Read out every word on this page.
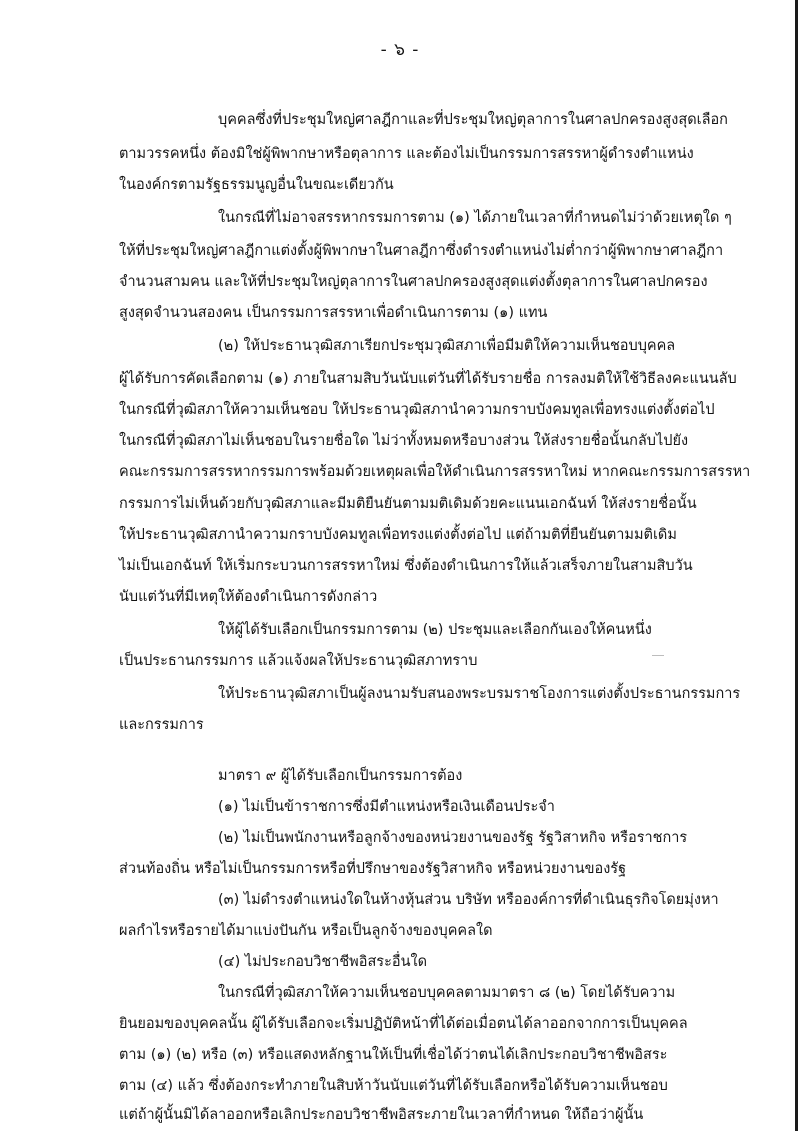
- ๖ -
บุคคลซึ่งที่ประชุมใหญ่ศาลฎีกาและที่ประชุมใหญ่ตุลาการในศาลปกครองสูงสุดเลือก
ตามวรรคหนึ่ง ต้องมิใช่ผู้พิพากษาหรือตุลาการ และต้องไม่เป็นกรรมการสรรหาผู้ดำรงตำแหน่ง
ในองค์กรตามรัฐธรรมนูญอื่นในขณะเดียวกัน
ในกรณีที่ไม่อาจสรรหากรรมการตาม (๑) ได้ภายในเวลาที่กำหนดไม่ว่าด้วยเหตุใด ๆ
ให้ที่ประชุมใหญ่ศาลฎีกาแต่งตั้งผู้พิพากษาในศาลฎีกาซึ่งดำรงตำแหน่งไม่ต่ำกว่าผู้พิพากษาศาลฎีกา
จำนวนสามคน และให้ที่ประชุมใหญ่ตุลาการในศาลปกครองสูงสุดแต่งตั้งตุลาการในศาลปกครอง
สูงสุดจำนวนสองคน เป็นกรรมการสรรหาเพื่อดำเนินการตาม (๑) แทน
(๒) ให้ประธานวุฒิสภาเรียกประชุมวุฒิสภาเพื่อมีมติให้ความเห็นชอบบุคคล
ผู้ได้รับการคัดเลือกตาม (๑) ภายในสามสิบวันนับแต่วันที่ได้รับรายชื่อ การลงมติให้ใช้วิธีลงคะแนนลับ
ในกรณีที่วุฒิสภาให้ความเห็นชอบ ให้ประธานวุฒิสภานำความกราบบังคมทูลเพื่อทรงแต่งตั้งต่อไป
ในกรณีที่วุฒิสภาไม่เห็นชอบในรายชื่อใด ไม่ว่าทั้งหมดหรือบางส่วน ให้ส่งรายชื่อนั้นกลับไปยัง
คณะกรรมการสรรหากรรมการพร้อมด้วยเหตุผลเพื่อให้ดำเนินการสรรหาใหม่ หากคณะกรรมการสรรหา
กรรมการไม่เห็นด้วยกับวุฒิสภาและมีมติยืนยันตามมติเดิมด้วยคะแนนเอกฉันท์ ให้ส่งรายชื่อนั้น
ให้ประธานวุฒิสภานำความกราบบังคมทูลเพื่อทรงแต่งตั้งต่อไป แต่ถ้ามติที่ยืนยันตามมติเดิม
ไม่เป็นเอกฉันท์ ให้เริ่มกระบวนการสรรหาใหม่ ซึ่งต้องดำเนินการให้แล้วเสร็จภายในสามสิบวัน
นับแต่วันที่มีเหตุให้ต้องดำเนินการดังกล่าว
ให้ผู้ได้รับเลือกเป็นกรรมการตาม (๒) ประชุมและเลือกกันเองให้คนหนึ่ง
เป็นประธานกรรมการ แล้วแจ้งผลให้ประธานวุฒิสภาทราบ
ให้ประธานวุฒิสภาเป็นผู้ลงนามรับสนองพระบรมราชโองการแต่งตั้งประธานกรรมการ
และกรรมการ
มาตรา ๙ ผู้ได้รับเลือกเป็นกรรมการต้อง
(๑) ไม่เป็นข้าราชการซึ่งมีตำแหน่งหรือเงินเดือนประจำ
(๒) ไม่เป็นพนักงานหรือลูกจ้างของหน่วยงานของรัฐ รัฐวิสาหกิจ หรือราชการ
ส่วนท้องถิ่น หรือไม่เป็นกรรมการหรือที่ปรึกษาของรัฐวิสาหกิจ หรือหน่วยงานของรัฐ
(๓) ไม่ดำรงตำแหน่งใดในห้างหุ้นส่วน บริษัท หรือองค์การที่ดำเนินธุรกิจโดยมุ่งหา
ผลกำไรหรือรายได้มาแบ่งปันกัน หรือเป็นลูกจ้างของบุคคลใด
(๔) ไม่ประกอบวิชาชีพอิสระอื่นใด
ในกรณีที่วุฒิสภาให้ความเห็นชอบบุคคลตามมาตรา ๘ (๒) โดยได้รับความ
ยินยอมของบุคคลนั้น ผู้ได้รับเลือกจะเริ่มปฏิบัติหน้าที่ได้ต่อเมื่อตนได้ลาออกจากการเป็นบุคคล
ตาม (๑) (๒) หรือ (๓) หรือแสดงหลักฐานให้เป็นที่เชื่อได้ว่าตนได้เลิกประกอบวิชาชีพอิสระ
ตาม (๔) แล้ว ซึ่งต้องกระทำภายในสิบห้าวันนับแต่วันที่ได้รับเลือกหรือได้รับความเห็นชอบ
แต่ถ้าผู้นั้นมิได้ลาออกหรือเลิกประกอบวิชาชีพอิสระภายในเวลาที่กำหนด ให้ถือว่าผู้นั้น
